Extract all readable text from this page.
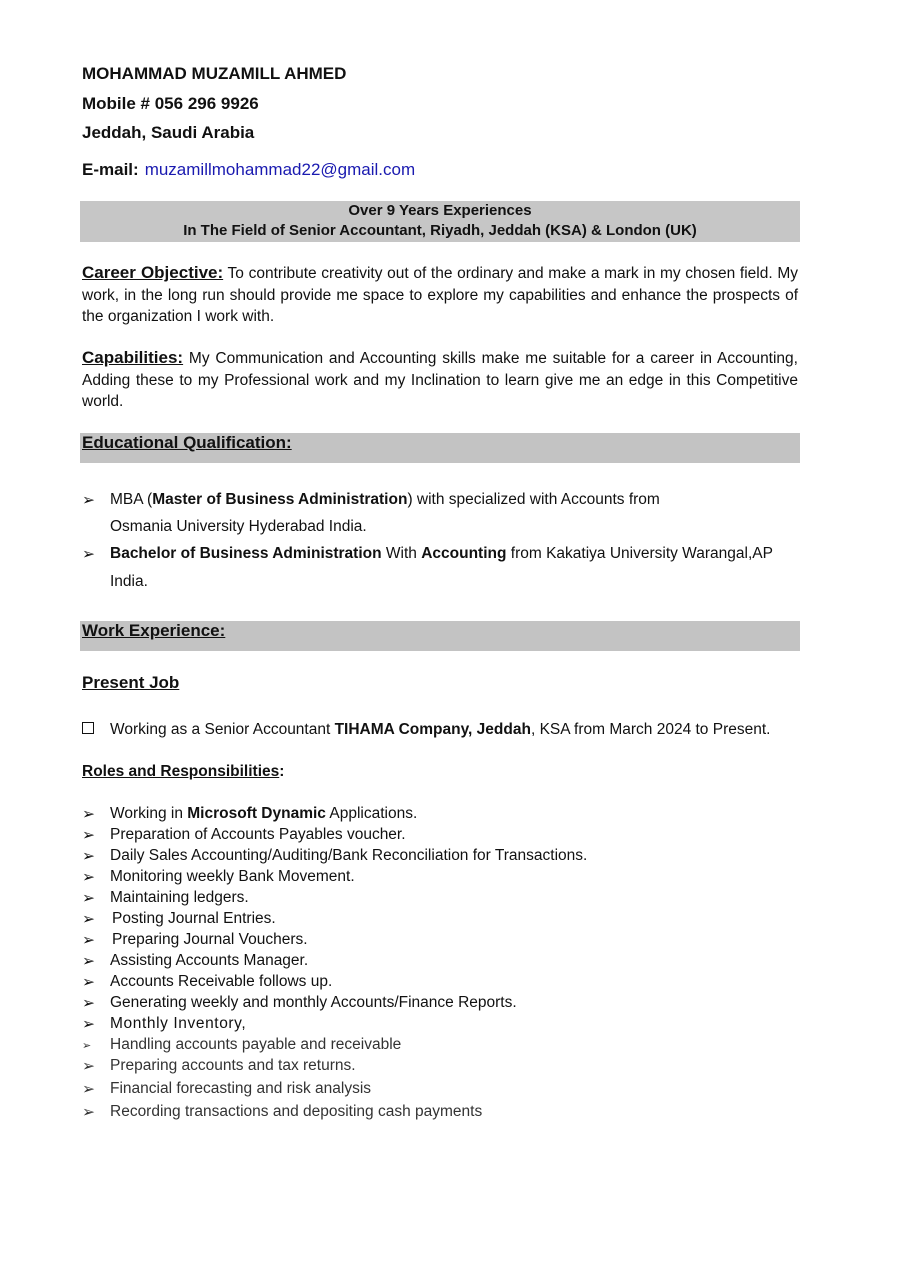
MOHAMMAD MUZAMILL AHMED
Mobile # 056 296 9926
Jeddah, Saudi Arabia
E-mail: muzamillmohammad22@gmail.com
Over 9 Years Experiences
In The Field of Senior Accountant, Riyadh, Jeddah (KSA) & London (UK)
Career Objective: To contribute creativity out of the ordinary and make a mark in my chosen field. My work, in the long run should provide me space to explore my capabilities and enhance the prospects of the organization I work with.
Capabilities: My Communication and Accounting skills make me suitable for a career in Accounting, Adding these to my Professional work and my Inclination to learn give me an edge in this Competitive world.
Educational Qualification:
➢ MBA (Master of Business Administration) with specialized with Accounts from
Osmania University Hyderabad India.
➢ Bachelor of Business Administration With Accounting from Kakatiya University Warangal,AP
India.
Work Experience:
Present Job
Working as a Senior Accountant TIHAMA Company, Jeddah, KSA from March 2024 to Present.
Roles and Responsibilities:
➢ Working in Microsoft Dynamic Applications.
➢ Preparation of Accounts Payables voucher.
➢ Daily Sales Accounting/Auditing/Bank Reconciliation for Transactions.
➢ Monitoring weekly Bank Movement.
➢ Maintaining ledgers.
➢ Posting Journal Entries.
➢ Preparing Journal Vouchers.
➢ Assisting Accounts Manager.
➢ Accounts Receivable follows up.
➢ Generating weekly and monthly Accounts/Finance Reports.
➢ Monthly Inventory,
➢	Handling accounts payable and receivable
➢ Preparing accounts and tax returns.
➢ Financial forecasting and risk analysis
➢ Recording transactions and depositing cash payments
